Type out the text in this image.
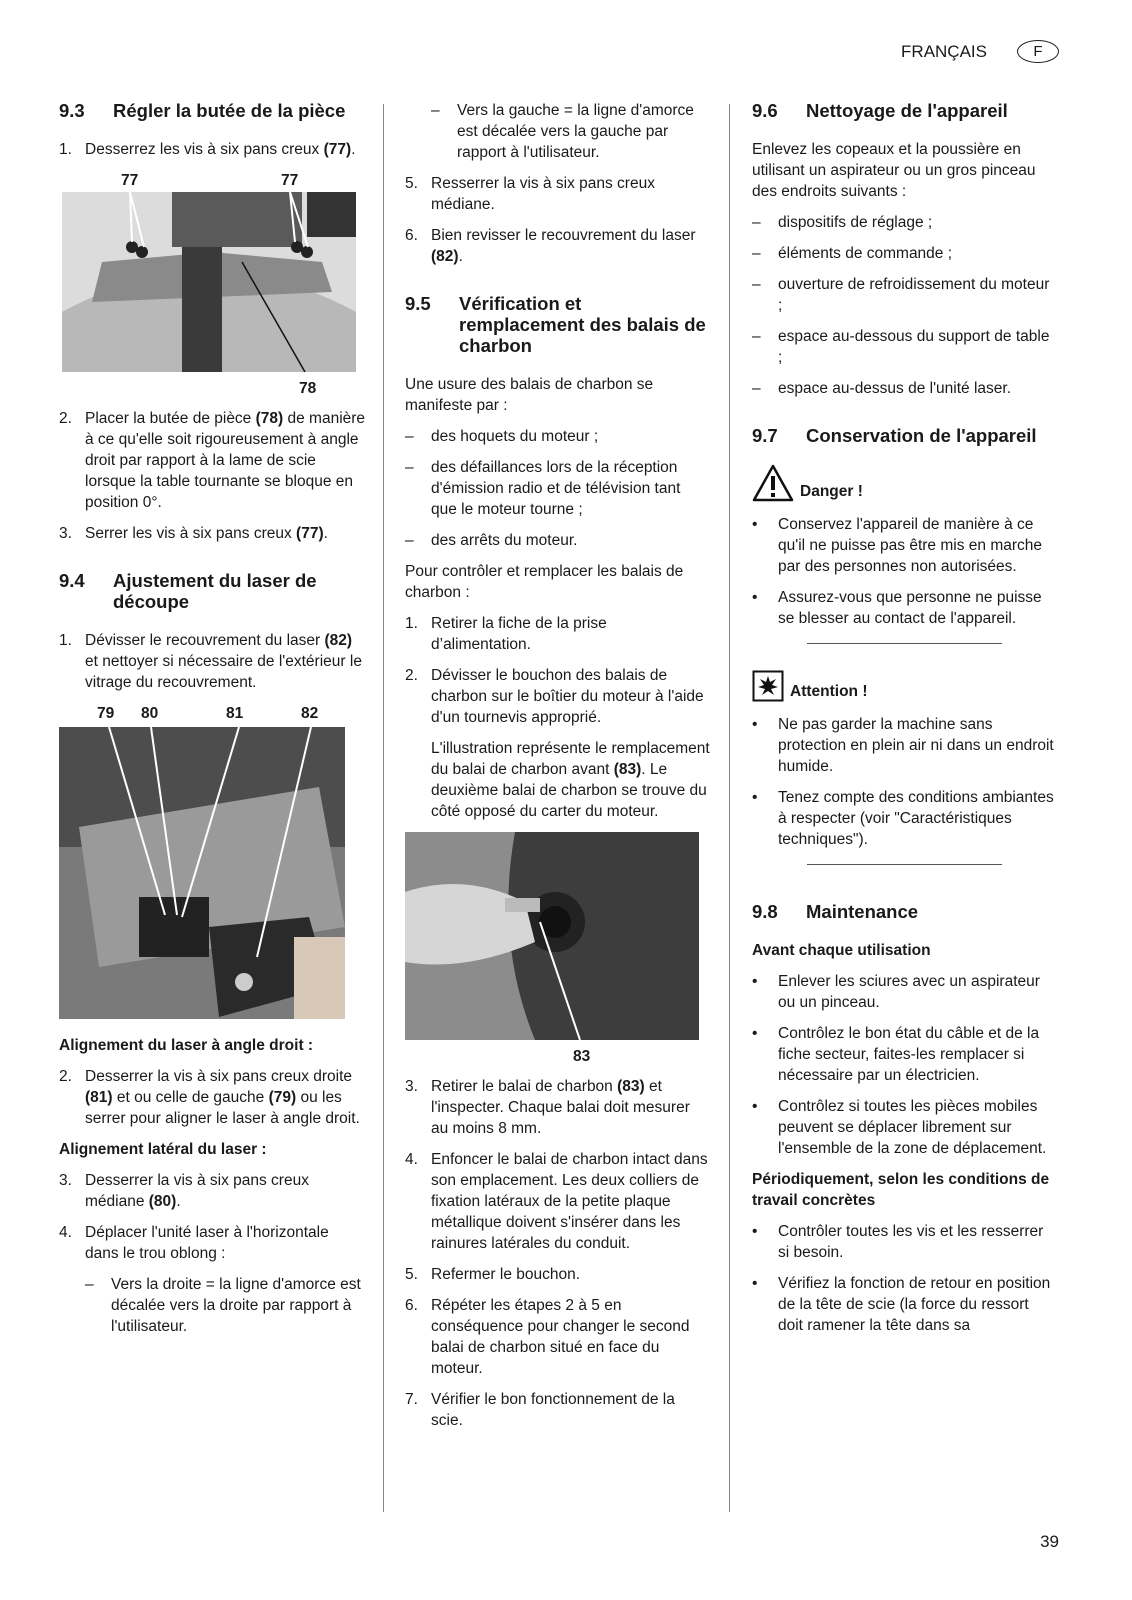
FRANÇAIS	F
9.3	Régler la butée de la pièce
1. Desserrez les vis à six pans creux (77).
77	77
78
2. Placer la butée de pièce (78) de manière à ce qu'elle soit rigoureusement à angle droit par rapport à la lame de scie lorsque la table tournante se bloque en position 0°.
3. Serrer les vis à six pans creux (77).
9.4	Ajustement du laser de découpe
1. Dévisser le recouvrement du laser (82) et nettoyer si nécessaire de l'extérieur le vitrage du recouvrement.
79 80	81	82
Alignement du laser à angle droit :
2. Desserrer la vis à six pans creux droite (81) et ou celle de gauche (79) ou les serrer pour aligner le laser à angle droit.
Alignement latéral du laser :
3. Desserrer la vis à six pans creux médiane (80).
4. Déplacer l'unité laser à l'horizontale dans le trou oblong :
–	Vers la droite = la ligne d'amorce est décalée vers la droite par rapport à l'utilisateur.
–	Vers la gauche = la ligne d'amorce est décalée vers la gauche par rapport à l'utilisateur.
5. Resserrer la vis à six pans creux médiane.
6. Bien revisser le recouvrement du laser (82).
9.5	Vérification et remplacement des balais de charbon

Une usure des balais de charbon se manifeste par :

–	des hoquets du moteur ;
–	des défaillances lors de la réception d'émission radio et de télévision tant que le moteur tourne ;
–	des arrêts du moteur.

Pour contrôler et remplacer les balais de charbon :

1. Retirer la fiche de la prise d’alimentation.
2. Dévisser le bouchon des balais de charbon sur le boîtier du moteur à l'aide d'un tournevis approprié.

L'illustration représente le remplacement du balai de charbon avant (83). Le deuxième balai de charbon se trouve du côté opposé du carter du moteur.

83
3. Retirer le balai de charbon (83) et l'inspecter. Chaque balai doit mesurer au moins 8 mm.
4. Enfoncer le balai de charbon intact dans son emplacement. Les deux colliers de fixation latéraux de la petite plaque métallique doivent s'insérer dans les rainures latérales du conduit.
5. Refermer le bouchon.
6. Répéter les étapes 2 à 5 en conséquence pour changer le second balai de charbon situé en face du moteur.
7. Vérifier le bon fonctionnement de la scie.
9.6	Nettoyage de l'appareil

Enlevez les copeaux et la poussière en utilisant un aspirateur ou un gros pinceau des endroits suivants :

–	dispositifs de réglage ;
–	éléments de commande ;
–	ouverture de refroidissement du moteur ;
–	espace au-dessous du support de table ;
–	espace au-dessus de l'unité laser.
9.7	Conservation de l'appareil
Danger !
•	Conservez l'appareil de manière à ce qu'il ne puisse pas être mis en marche par des personnes non autorisées.
•	Assurez-vous que personne ne puisse se blesser au contact de l'appareil.
Attention !
•	Ne pas garder la machine sans protection en plein air ni dans un endroit humide.
•	Tenez compte des conditions ambiantes à respecter (voir "Caractéristiques techniques").
9.8	Maintenance
Avant chaque utilisation
•	Enlever les sciures avec un aspirateur ou un pinceau.
•	Contrôlez le bon état du câble et de la fiche secteur, faites-les remplacer si nécessaire par un électricien.
•	Contrôlez si toutes les pièces mobiles peuvent se déplacer librement sur l'ensemble de la zone de déplacement.
Périodiquement, selon les conditions de travail concrètes
•	Contrôler toutes les vis et les resserrer si besoin.
•	Vérifiez la fonction de retour en position de la tête de scie (la force du ressort doit ramener la tête dans sa
39
